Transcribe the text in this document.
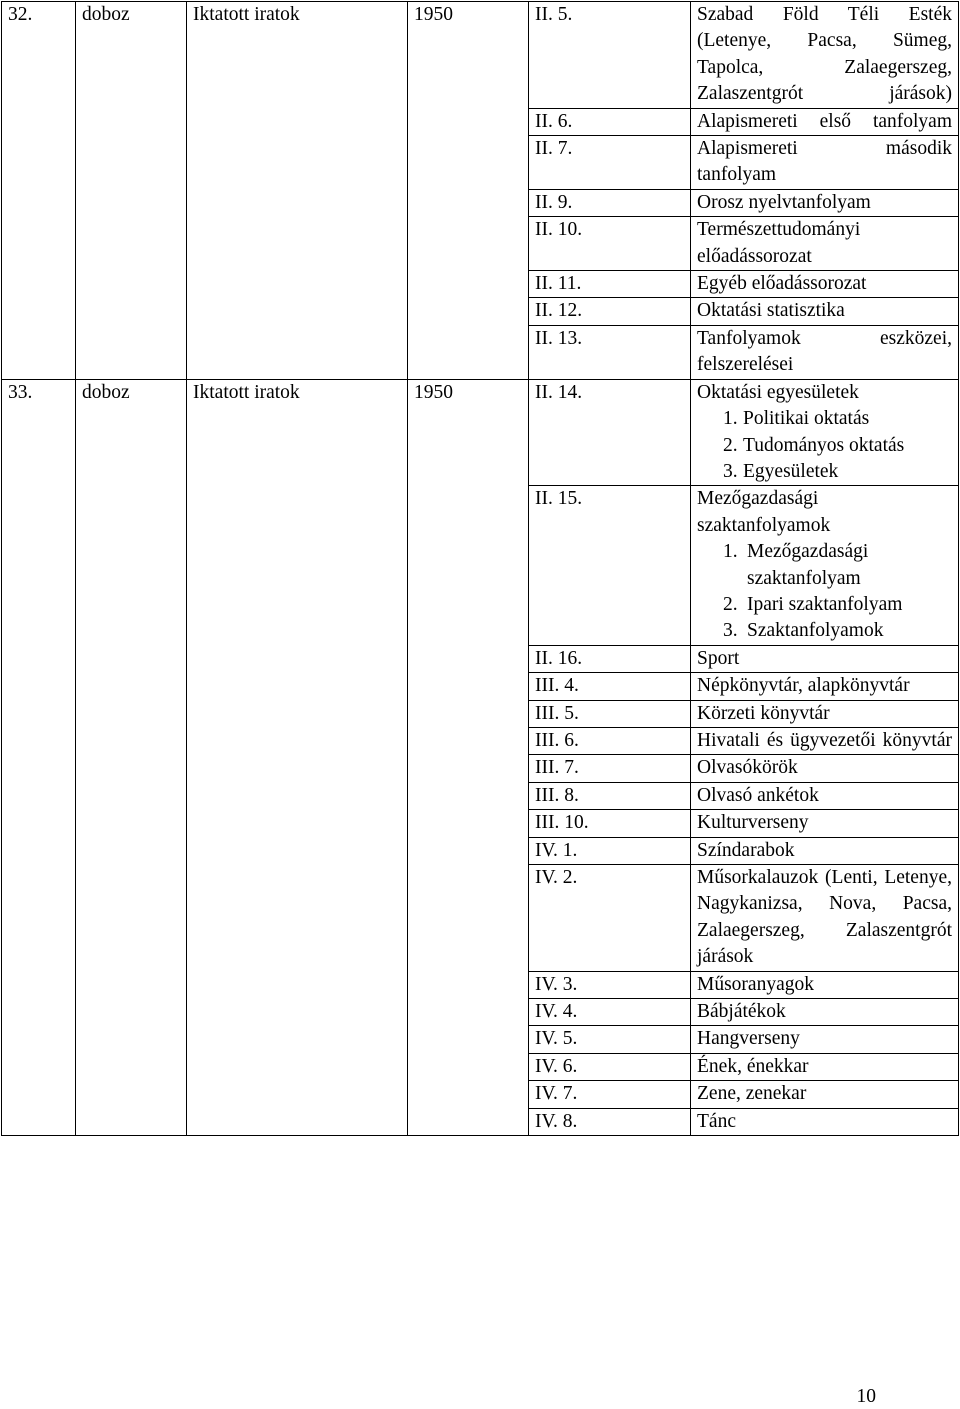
32.	doboz	Iktatott iratok	1950	II. 5.	Szabad Föld Téli Esték (Letenye, Pacsa, Sümeg, Tapolca, Zalaegerszeg, Zalaszentgrót járások)

				II. 6.	Alapismereti első tanfolyam

				II. 7.	Alapismereti második tanfolyam

				II. 9.	Orosz nyelvtanfolyam

				II. 10.	Természettudományi előadássorozat

				II. 11.	Egyéb előadássorozat

				II. 12.	Oktatási statisztika

				II. 13.	Tanfolyamok eszközei, felszerelései

33.	doboz	Iktatott iratok	1950	II. 14.	Oktatási egyesületek
1. Politikai oktatás
2. Tudományos oktatás
3. Egyesületek

				II. 15.	Mezőgazdasági szaktanfolyamok
1. Mezőgazdasági szaktanfolyam
2. Ipari szaktanfolyam
3. Szaktanfolyamok

				II. 16.	Sport

				III. 4.	Népkönyvtár, alapkönyvtár

				III. 5.	Körzeti könyvtár

				III. 6.	Hivatali és ügyvezetői könyvtár

				III. 7.	Olvasókörök

				III. 8.	Olvasó ankétok

				III. 10.	Kulturverseny

				IV. 1.	Színdarabok

				IV. 2.	Műsorkalauzok (Lenti, Letenye, Nagykanizsa, Nova, Pacsa, Zalaegerszeg, Zalaszentgrót járások

				IV. 3.	Műsoranyagok

				IV. 4.	Bábjátékok

				IV. 5.	Hangverseny

				IV. 6.	Ének, énekkar

				IV. 7.	Zene, zenekar

				IV. 8.	Tánc
10
